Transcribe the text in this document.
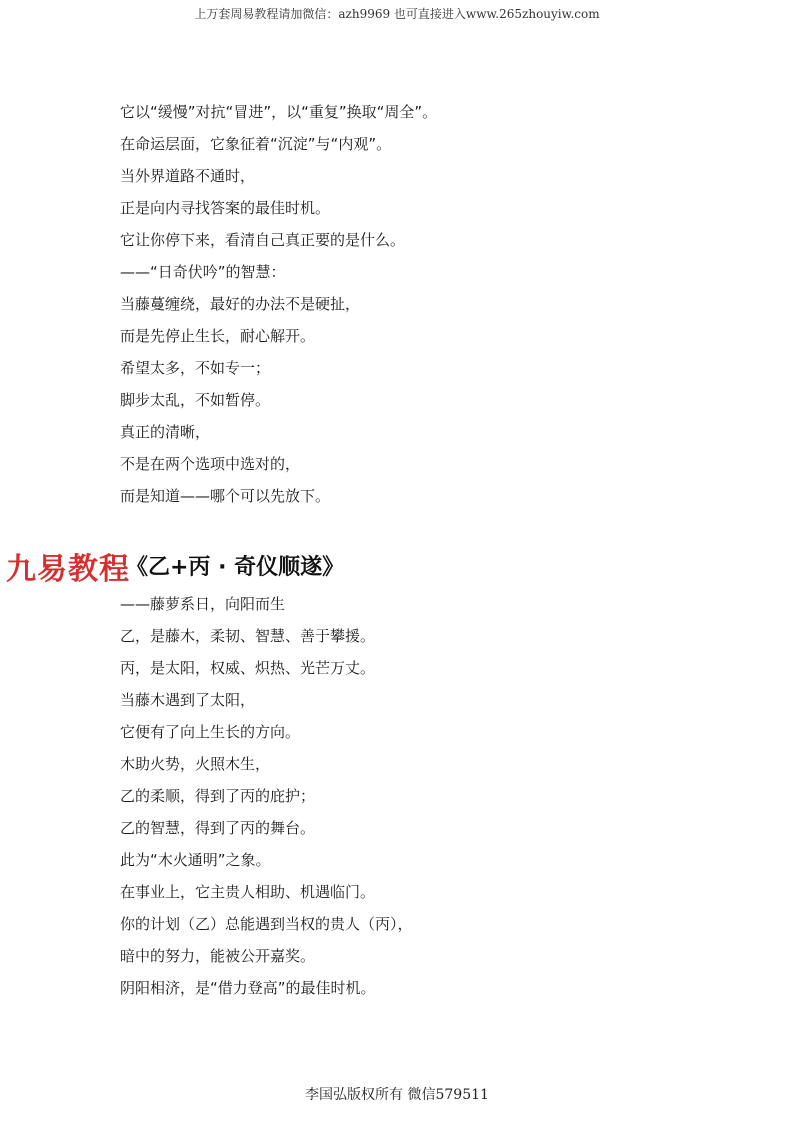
上万套周易教程请加微信：azh9969 也可直接进入www.265zhouyiw.com
它以“缓慢”对抗“冒进”，以“重复”换取“周全”。
在命运层面，它象征着“沉淀”与“内观”。
当外界道路不通时，
正是向内寻找答案的最佳时机。
它让你停下来，看清自己真正要的是什么。
——“日奇伏吟”的智慧：
当藤蔓缠绕，最好的办法不是硬扯，
而是先停止生长，耐心解开。
希望太多，不如专一；
脚步太乱，不如暂停。
真正的清晰，
不是在两个选项中选对的，
而是知道——哪个可以先放下。
《乙+丙 · 奇仪顺遂》
九易教程
——藤萝系日，向阳而生
乙，是藤木，柔韧、智慧、善于攀援。
丙，是太阳，权威、炽热、光芒万丈。
当藤木遇到了太阳，
它便有了向上生长的方向。
木助火势，火照木生，
乙的柔顺，得到了丙的庇护；
乙的智慧，得到了丙的舞台。
此为“木火通明”之象。
在事业上，它主贵人相助、机遇临门。
你的计划（乙）总能遇到当权的贵人（丙），
暗中的努力，能被公开嘉奖。
阴阳相济，是“借力登高”的最佳时机。
李国弘版权所有 微信579511
